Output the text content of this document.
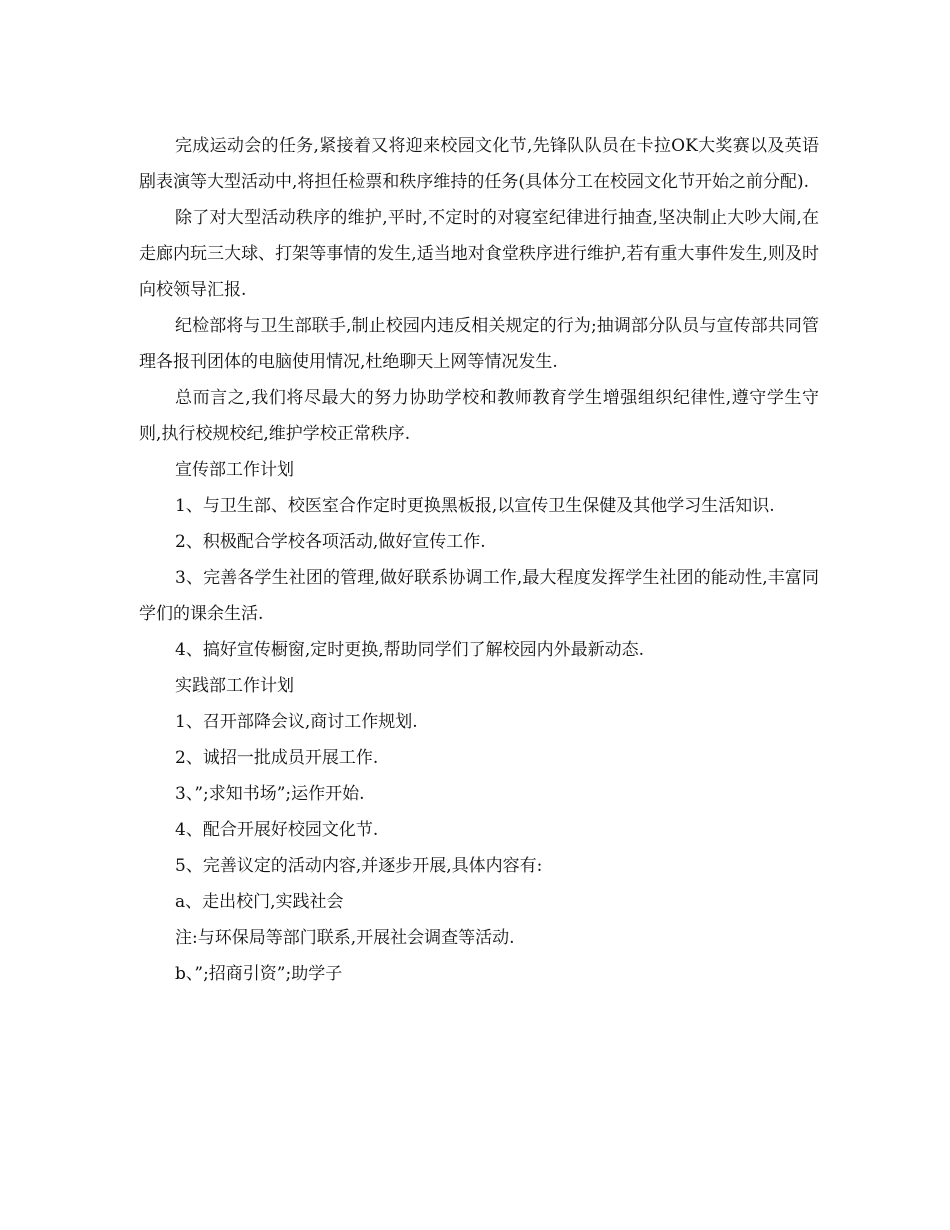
完成运动会的任务,紧接着又将迎来校园文化节,先锋队队员在卡拉OK大奖赛以及英语剧表演等大型活动中,将担任检票和秩序维持的任务(具体分工在校园文化节开始之前分配).

除了对大型活动秩序的维护,平时,不定时的对寝室纪律进行抽查,坚决制止大吵大闹,在走廊内玩三大球、打架等事情的发生,适当地对食堂秩序进行维护,若有重大事件发生,则及时向校领导汇报.

纪检部将与卫生部联手,制止校园内违反相关规定的行为;抽调部分队员与宣传部共同管理各报刊团体的电脑使用情况,杜绝聊天上网等情况发生.

总而言之,我们将尽最大的努力协助学校和教师教育学生增强组织纪律性,遵守学生守则,执行校规校纪,维护学校正常秩序.

宣传部工作计划

1、与卫生部、校医室合作定时更换黑板报,以宣传卫生保健及其他学习生活知识.

2、积极配合学校各项活动,做好宣传工作.

3、完善各学生社团的管理,做好联系协调工作,最大程度发挥学生社团的能动性,丰富同学们的课余生活.

4、搞好宣传橱窗,定时更换,帮助同学们了解校园内外最新动态.

实践部工作计划

1、召开部降会议,商讨工作规划.

2、诚招一批成员开展工作.

3、”;求知书场”;运作开始.

4、配合开展好校园文化节.

5、完善议定的活动内容,并逐步开展,具体内容有:

a、走出校门,实践社会

注:与环保局等部门联系,开展社会调查等活动.

b、”;招商引资”;助学子
